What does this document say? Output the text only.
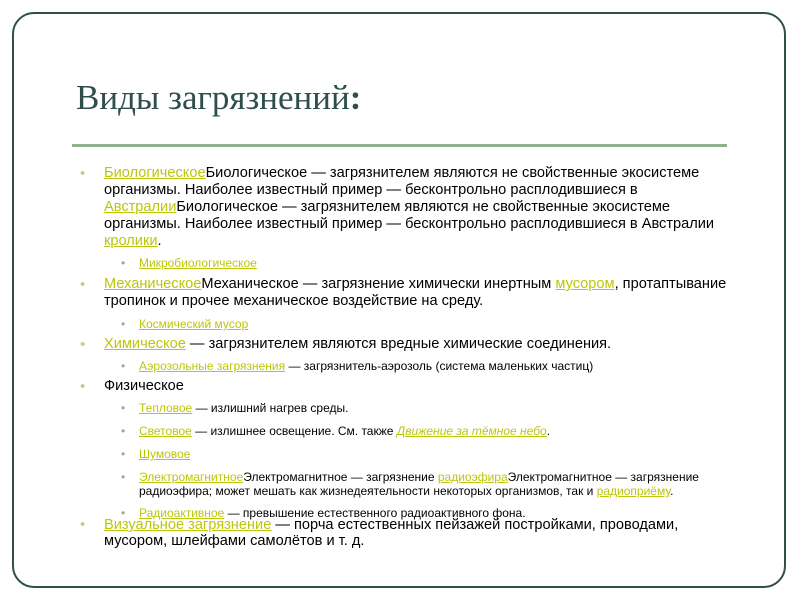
Виды загрязнений:
• БиологическоеБиологическое — загрязнителем являются не свойственные экосистеме организмы. Наиболее известный пример — бесконтрольно расплодившиеся в АвстралииБиологическое — загрязнителем являются не свойственные экосистеме организмы. Наиболее известный пример — бесконтрольно расплодившиеся в Австралии кролики.
• Микробиологическое
• МеханическоеМеханическое — загрязнение химически инертным мусором, протаптывание тропинок и прочее механическое воздействие на среду.
• Космический мусор
• Химическое — загрязнителем являются вредные химические соединения.
• Аэрозольные загрязнения — загрязнитель-аэрозоль (система маленьких частиц)
• Физическое
• Тепловое — излишний нагрев среды.
• Световое — излишнее освещение. См. также Движение за тёмное небо.
• Шумовое
• ЭлектромагнитноеЭлектромагнитное — загрязнение радиоэфираЭлектромагнитное — загрязнение радиоэфира; может мешать как жизнедеятельности некоторых организмов, так и радиоприёму.
• Радиоактивное — превышение естественного радиоактивного фона.
• Визуальное загрязнение — порча естественных пейзажей постройками, проводами, мусором, шлейфами самолётов и т. д.
